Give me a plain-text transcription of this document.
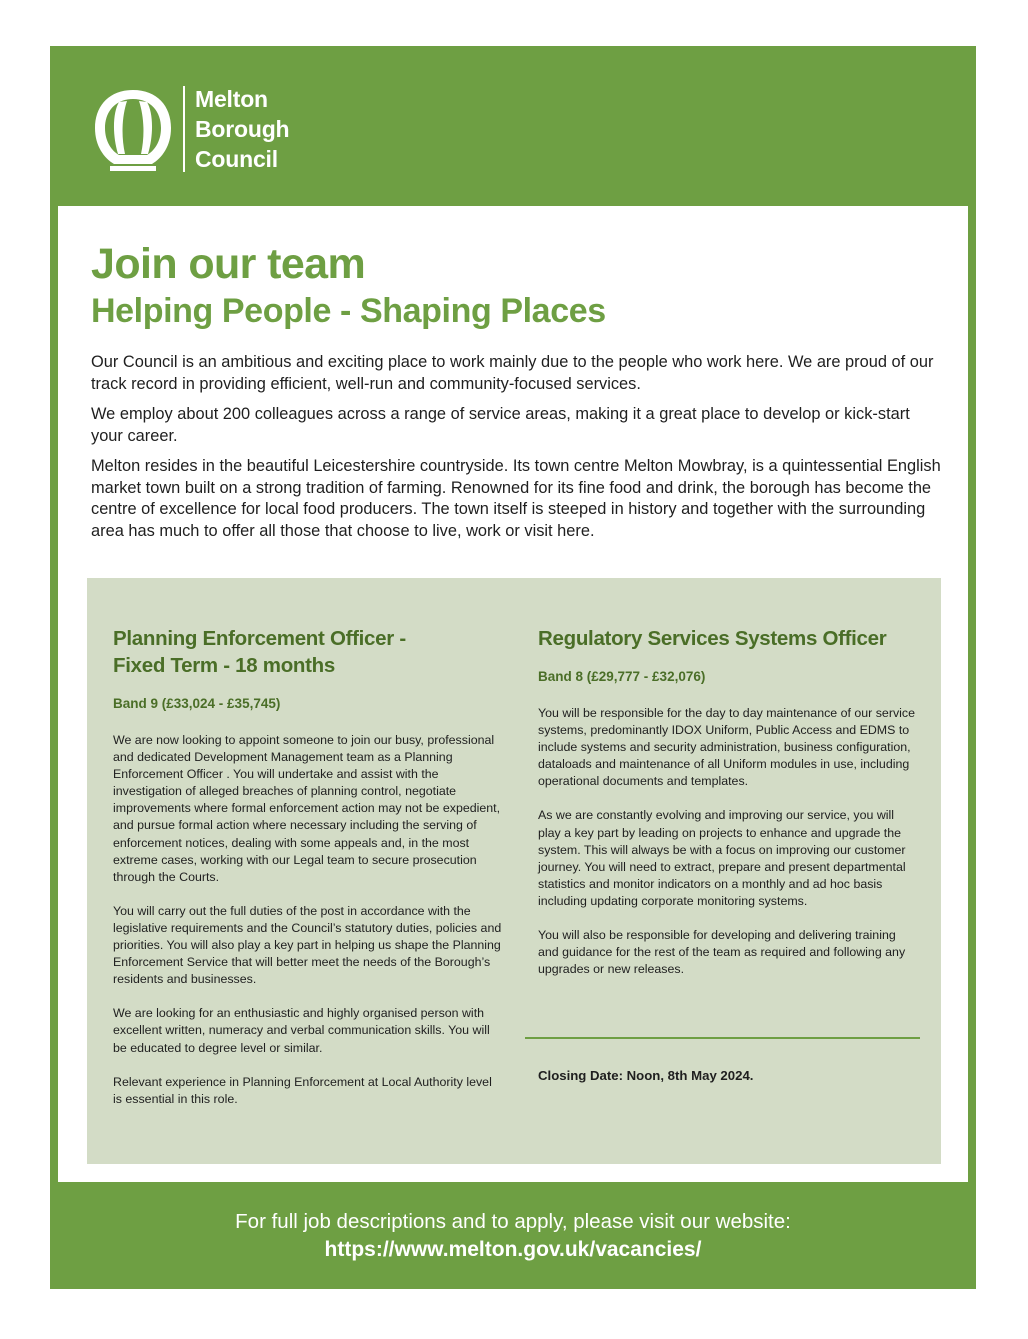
Melton
Borough
Council
Join our team
Helping People - Shaping Places

Our Council is an ambitious and exciting place to work mainly due to the people who work here. We are proud of our track record in providing efficient, well-run and community-focused services.

We employ about 200 colleagues across a range of service areas, making it a great place to develop or kick-start your career.

Melton resides in the beautiful Leicestershire countryside. Its town centre Melton Mowbray, is a quintessential English market town built on a strong tradition of farming. Renowned for its fine food and drink, the borough has become the centre of excellence for local food producers. The town itself is steeped in history and together with the surrounding area has much to offer all those that choose to live, work or visit here.

Planning Enforcement Officer -
Fixed Term - 18 months
Band 9 (£33,024 - £35,745)

We are now looking to appoint someone to join our busy, professional and dedicated Development Management team as a Planning Enforcement Officer . You will undertake and assist with the investigation of alleged breaches of planning control, negotiate improvements where formal enforcement action may not be expedient, and pursue formal action where necessary including the serving of enforcement notices, dealing with some appeals and, in the most extreme cases, working with our Legal team to secure prosecution through the Courts.

You will carry out the full duties of the post in accordance with the legislative requirements and the Council’s statutory duties, policies and priorities. You will also play a key part in helping us shape the Planning Enforcement Service that will better meet the needs of the Borough’s residents and businesses.

We are looking for an enthusiastic and highly organised person with excellent written, numeracy and verbal communication skills. You will be educated to degree level or similar.

Relevant experience in Planning Enforcement at Local Authority level is essential in this role.

Regulatory Services Systems Officer
Band 8 (£29,777 - £32,076)

You will be responsible for the day to day maintenance of our service systems, predominantly IDOX Uniform, Public Access and EDMS to include systems and security administration, business configuration, dataloads and maintenance of all Uniform modules in use, including operational documents and templates.

As we are constantly evolving and improving our service, you will play a key part by leading on projects to enhance and upgrade the system. This will always be with a focus on improving our customer journey. You will need to extract, prepare and present departmental statistics and monitor indicators on a monthly and ad hoc basis including updating corporate monitoring systems.

You will also be responsible for developing and delivering training and guidance for the rest of the team as required and following any upgrades or new releases.

Closing Date: Noon, 8th May 2024.
For full job descriptions and to apply, please visit our website:
https://www.melton.gov.uk/vacancies/
